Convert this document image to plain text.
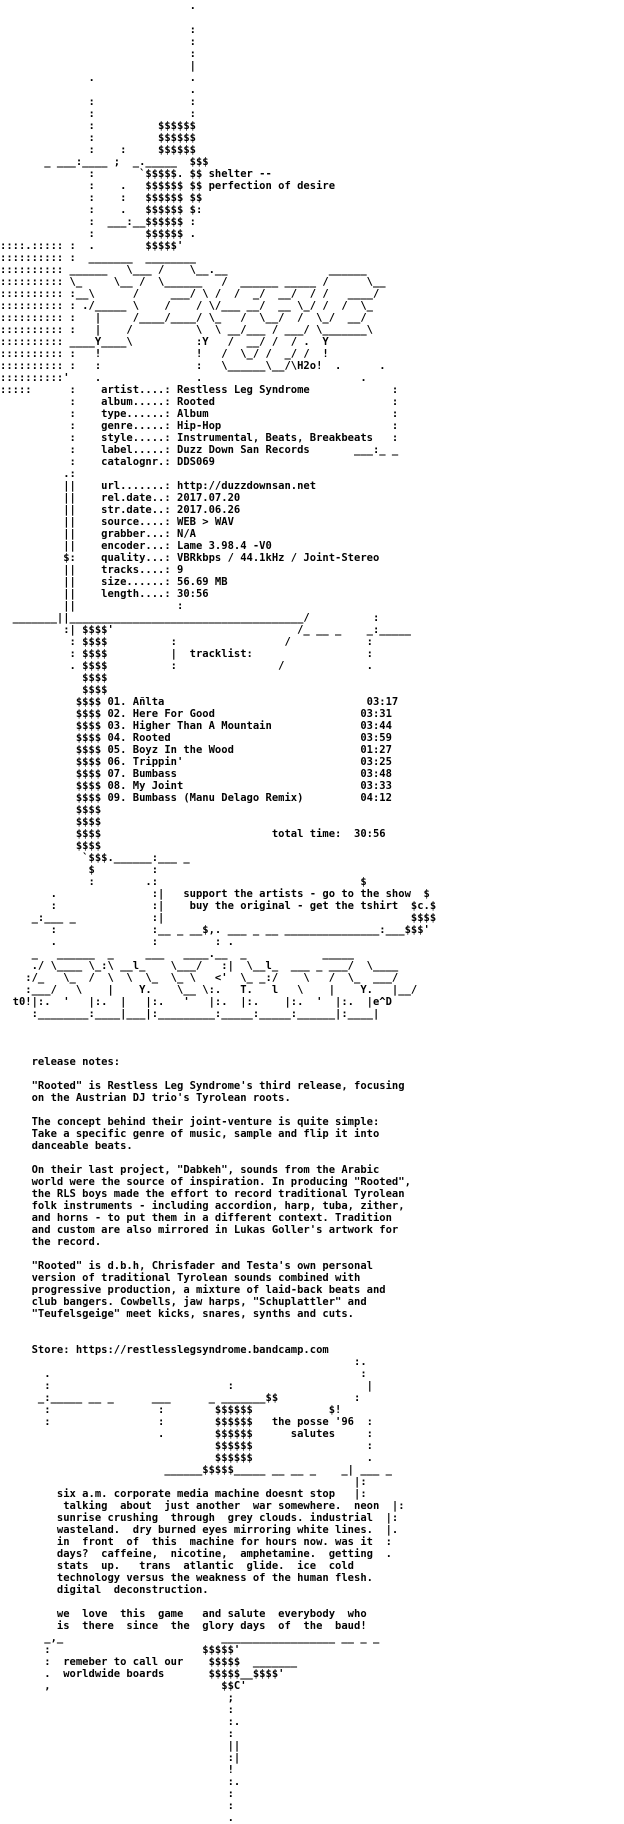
.
:
:
:
|
.               .
.
:               :
:               :
:          $$$$$$
:          $$$$$$
:    :     $$$$$$
_ ___:____ ;  _._____  $$$
:       `$$$$$. $$ shelter --
:    .   $$$$$$ $$ perfection of desire
:    :   $$$$$$ $$
:    .   $$$$$$ $:
:  ___:__$$$$$$ :
:        $$$$$$ .
::::.::::: :  .        $$$$$'
:::::::::: :  _______  ________
:::::::::: ______   \___ /    \__.__                ______
:::::::::: \_     \__ /  \______   /  ______ _____ /      \__
:::::::::: :__\      /     ___/ \ /  /  _/  __/  / /   ____/
:::::::::: : ./_____ \    /    / \/___ __/  __ \_/ /  /  \_
:::::::::: :   |     /____/____/ \_   /  \__/  /  \_/  __/
:::::::::: :   |    /          \  \ __/___ / ___/ \_______\
:::::::::: ____Y____\          :Y   /  __/ /  / .  Y
:::::::::: :   !               !   /  \_/ /  _/ /  !
:::::::::: :   :               :   \______\__/\H2o!  .      .
::::::::::'    .               .                         .
:::::      :    artist....: Restless Leg Syndrome             :
:    album.....: Rooted                            :
:    type......: Album                             :
:    genre.....: Hip-Hop                           :
:    style.....: Instrumental, Beats, Breakbeats   :
:    label.....: Duzz Down San Records       ___:_ _
:    catalognr.: DDS069
.:
||    url.......: http://duzzdownsan.net
||    rel.date..: 2017.07.20
||    str.date..: 2017.06.26
||    source....: WEB > WAV
||    grabber...: N/A
||    encoder...: Lame 3.98.4 -V0
$:    quality...: VBRkbps / 44.1kHz / Joint-Stereo
||    tracks....: 9
||    size......: 56.69 MB
||    length....: 30:56
||                :
_______||_____________________________________/          :
:| $$$$'                             /_ __ _    _:_____
: $$$$          :                 /            :
: $$$$          |  tracklist:                  :
. $$$$          :                /             .
$$$$
$$$$
$$$$ 01. Añlta                                03:17
$$$$ 02. Here For Good                       03:31
$$$$ 03. Higher Than A Mountain              03:44
$$$$ 04. Rooted                              03:59
$$$$ 05. Boyz In the Wood                    01:27
$$$$ 06. Trippin'                            03:25
$$$$ 07. Bumbass                             03:48
$$$$ 08. My Joint                            03:33
$$$$ 09. Bumbass (Manu Delago Remix)         04:12
$$$$
$$$$
$$$$                           total time:  30:56
$$$$
`$$$.______:___ _
$         :
:        .:                                $
.               :|   support the artists - go to the show  $
:               :|    buy the original - get the tshirt  $c.$
_:___ _            :|                                       $$$$
:               :__ _ __$,. ___ _ __ _______________:___$$$'
.               :         : .
_   ______  _     ___   ____.__  _            _____
./ \____ \_:\ __l_    \___/   :|  \__l_  ___ _ ___/  \____
:/_   \_  /  \  \  \_  \_ \   <'  \_ _:/    \   /  \_  ___/
:___/   \    |    Y.    \__ \:.   T.   l   \    |    Y.   |__/
t0!|:.  '   |:.  |   |:.   '   |:.  |:.    |:.  '  |:.  |e^D
:________:____|___|:_________:_____:_____:______|:____|
release notes:
"Rooted" is Restless Leg Syndrome's third release, focusing
on the Austrian DJ trio's Tyrolean roots.
The concept behind their joint-venture is quite simple:
Take a specific genre of music, sample and flip it into
danceable beats.
On their last project, "Dabkeh", sounds from the Arabic
world were the source of inspiration. In producing "Rooted",
the RLS boys made the effort to record traditional Tyrolean
folk instruments - including accordion, harp, tuba, zither,
and horns - to put them in a different context. Tradition
and custom are also mirrored in Lukas Goller's artwork for
the record.
"Rooted" is d.b.h, Chrisfader and Testa's own personal
version of traditional Tyrolean sounds combined with
progressive production, a mixture of laid-back beats and
club bangers. Cowbells, jaw harps, "Schuplattler" and
"Teufelsgeige" meet kicks, snares, synths and cuts.
Store: https://restlesslegsyndrome.bandcamp.com
:.
.                                                 :
:                            :                     |
_:_____ __ _      ___      _ _______$$            :
:                 :        $$$$$$            $!
:                 :        $$$$$$   the posse '96  :
.        $$$$$$      salutes     :
$$$$$$                  :
$$$$$$                  .
______$$$$$_____ __ __ _    _| ___ _
|:
six a.m. corporate media machine doesnt stop   |:
talking  about  just another  war somewhere.  neon  |:
sunrise crushing  through  grey clouds. industrial  |:
wasteland.  dry burned eyes mirroring white lines.  |.
in  front  of  this  machine for hours now. was it  :
days?  caffeine,  nicotine,  amphetamine.  getting  .
stats  up.   trans  atlantic  glide.  ice  cold
technology versus the weakness of the human flesh.
digital  deconstruction.
we  love  this  game   and salute  everybody  who
is  there  since  the  glory days  of  the  baud!
_,_                         __________________ __ _ _
:                        $$$$$'
:  remeber to call our    $$$$$  _______
.  worldwide boards       $$$$$__$$$$'
,                           $$C'
;
:
:.
:
||
:|
!
:.
:
:
.
